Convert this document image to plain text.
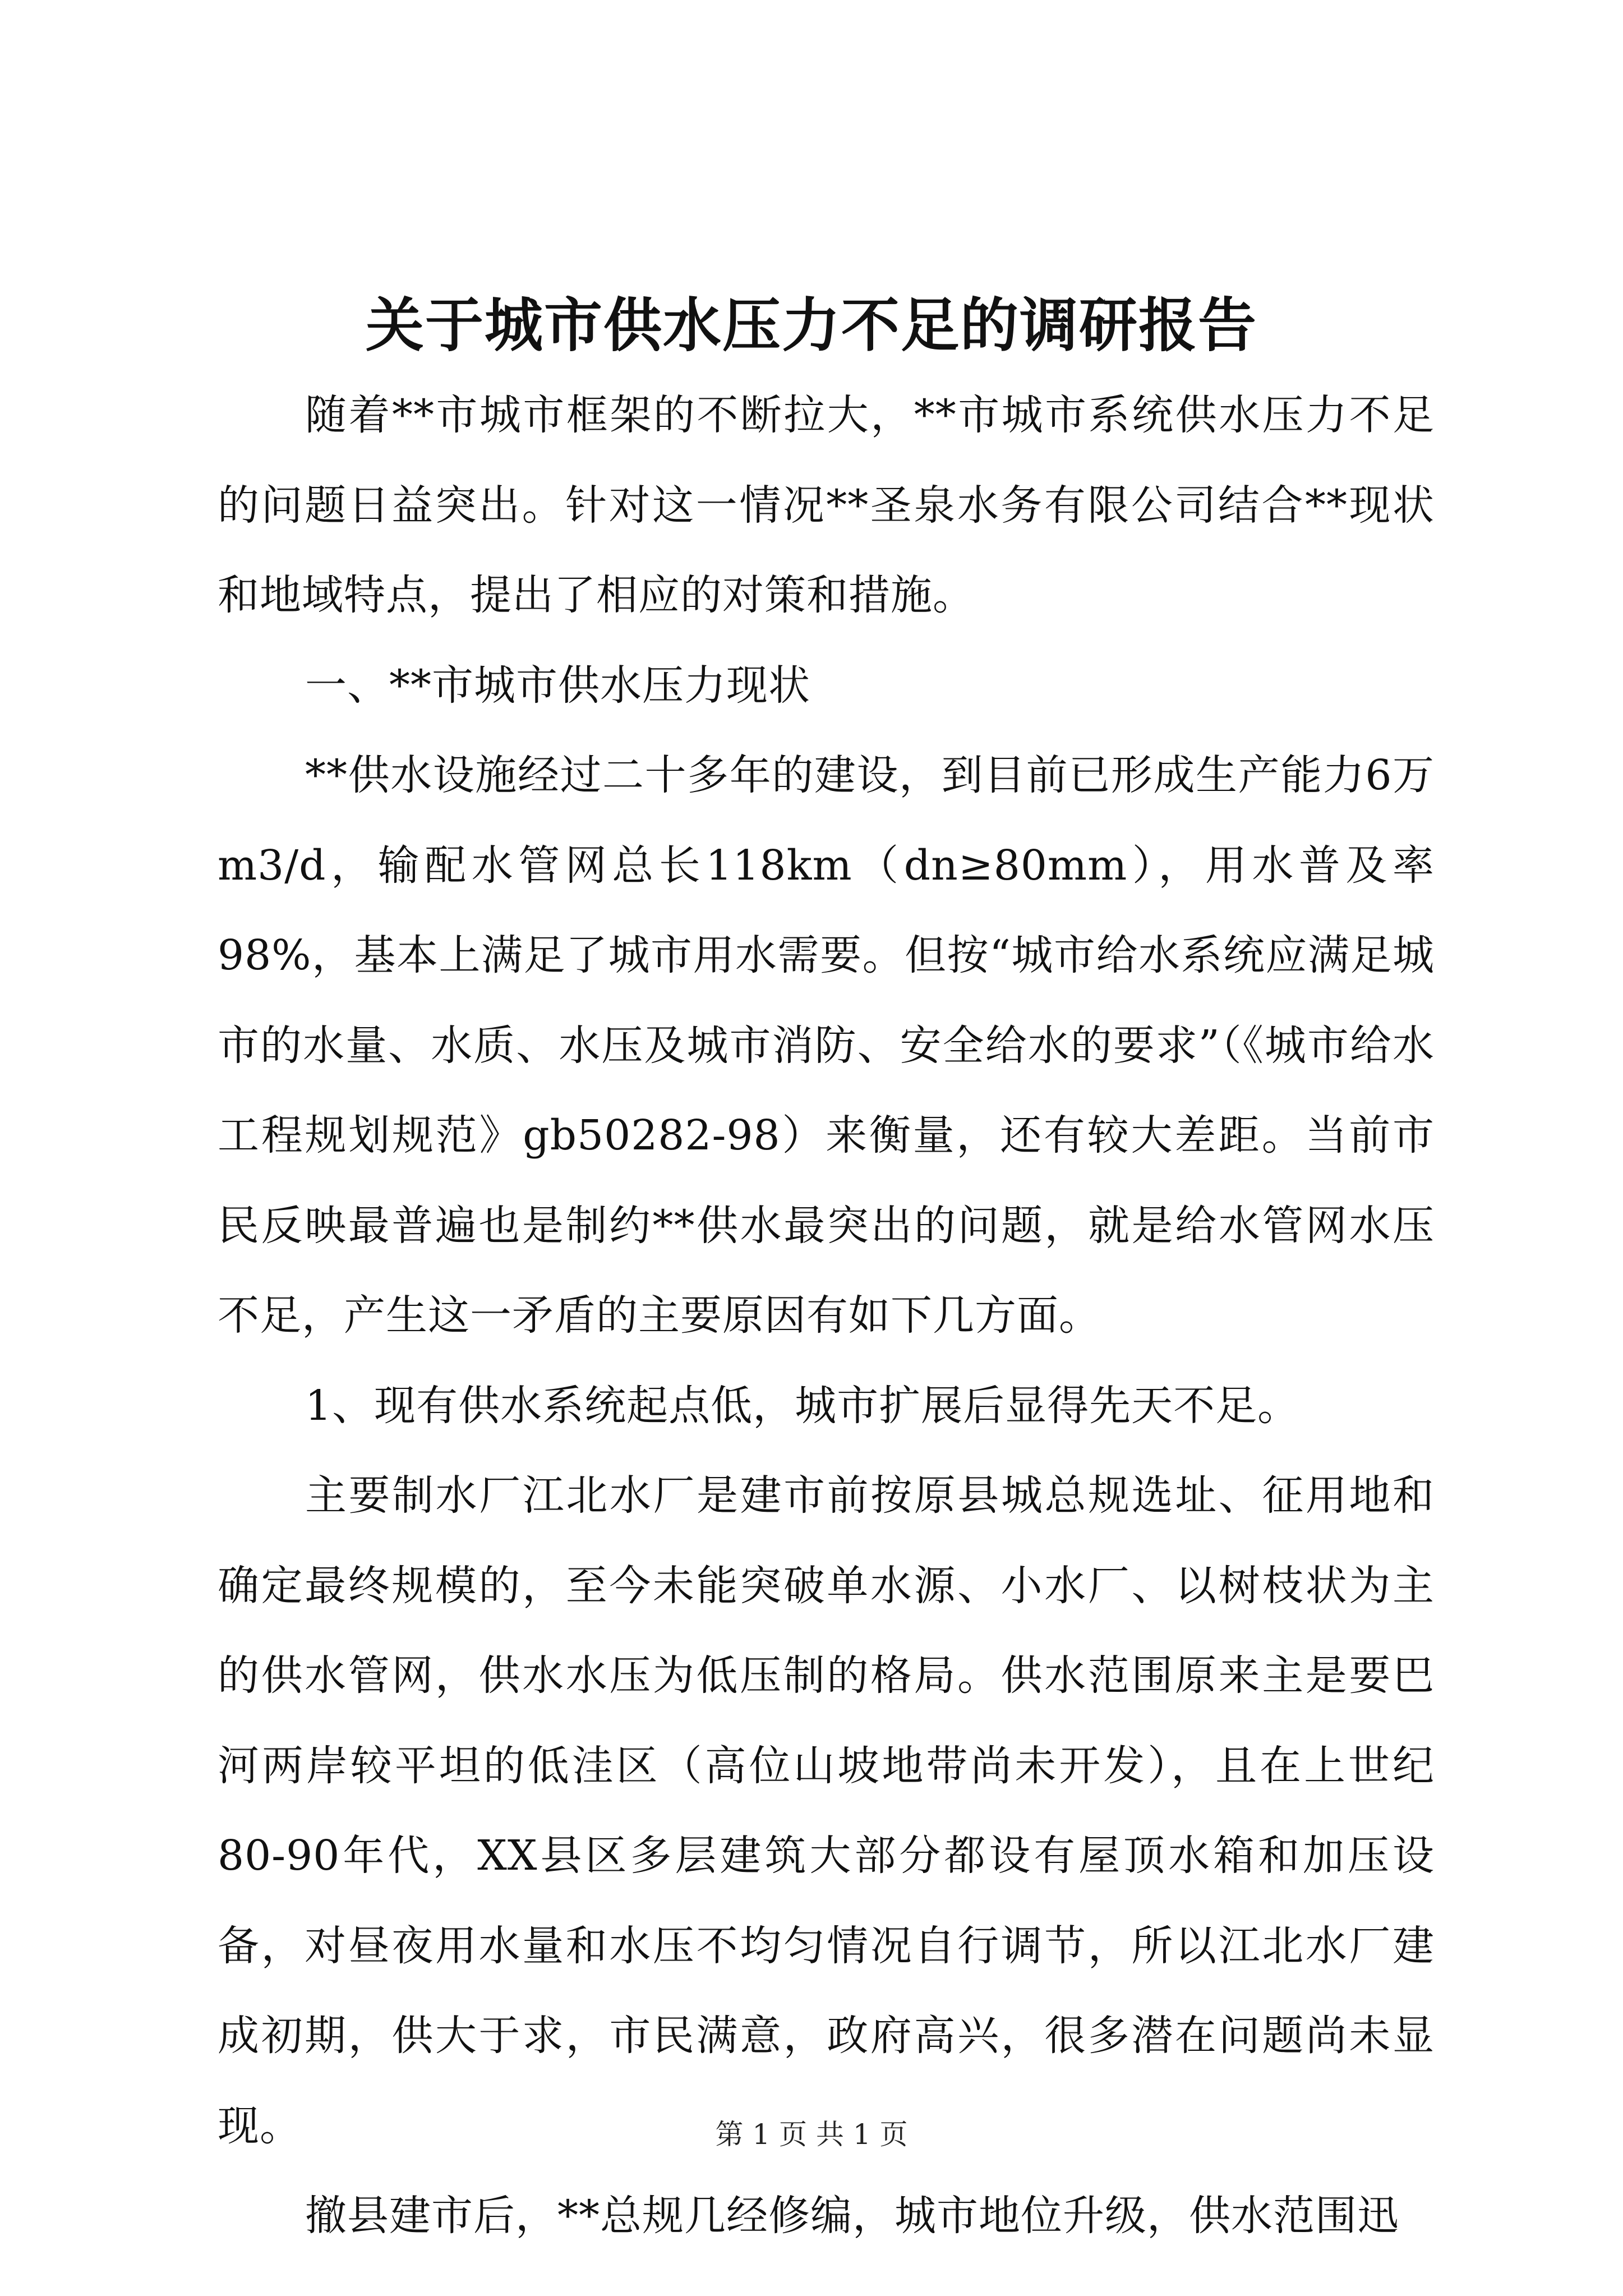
关于城市供水压力不足的调研报告

随着**市城市框架的不断拉大，**市城市系统供水压力不足的问题日益突出。针对这一情况**圣泉水务有限公司结合**现状和地域特点，提出了相应的对策和措施。

一、**市城市供水压力现状

**供水设施经过二十多年的建设，到目前已形成生产能力6万m3/d，输配水管网总长118km（dn≥80mm），用水普及率98%，基本上满足了城市用水需要。但按“城市给水系统应满足城市的水量、水质、水压及城市消防、安全给水的要求”（《城市给水工程规划规范》gb50282-98）来衡量，还有较大差距。当前市民反映最普遍也是制约**供水最突出的问题，就是给水管网水压不足，产生这一矛盾的主要原因有如下几方面。

1、现有供水系统起点低，城市扩展后显得先天不足。

主要制水厂江北水厂是建市前按原县城总规选址、征用地和确定最终规模的，至今未能突破单水源、小水厂、以树枝状为主的供水管网，供水水压为低压制的格局。供水范围原来主是要巴河两岸较平坦的低洼区（高位山坡地带尚未开发），且在上世纪80-90年代，XX县区多层建筑大部分都设有屋顶水箱和加压设备，对昼夜用水量和水压不均匀情况自行调节，所以江北水厂建成初期，供大于求，市民满意，政府高兴，很多潜在问题尚未显现。

撤县建市后，**总规几经修编，城市地位升级，供水范围迅

第 1 页 共 1 页
